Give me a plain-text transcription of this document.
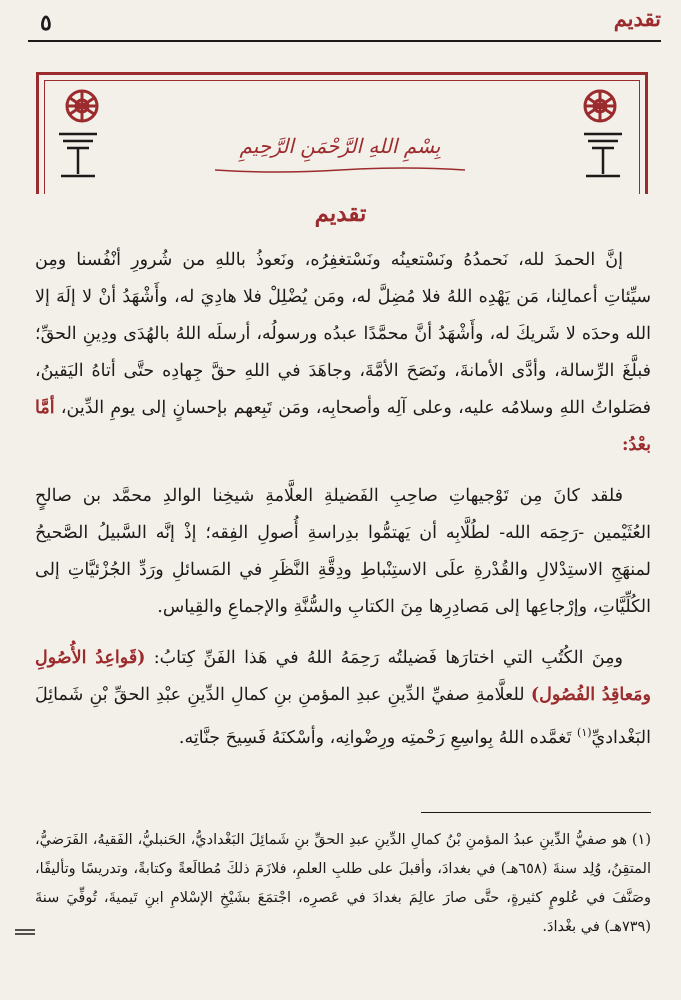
تقديم
٥
بِسْمِ اللهِ الرَّحْمَنِ الرَّحِيمِ
تقديم

إنَّ الحمدَ لله، نَحمدُهُ ونَسْتعينُه ونَسْتغفِرُه، ونَعوذُ باللهِ من شُرورِ أنْفُسنا ومِن سيِّئاتِ أعمالِنا، مَن يَهْدِه اللهُ فلا مُضِلَّ له، ومَن يُضْلِلْ فلا هادِيَ له، وأَشْهَدُ أنْ لا إلَهَ إلا الله وحدَه لا شَريكَ له، وأَشْهَدُ أنَّ محمَّدًا عبدُه ورسولُه، أرسلَه اللهُ بالهُدَى ودِينِ الحقِّ؛ فبلَّغَ الرِّسالة، وأدَّى الأمانةَ، ونَصَحَ الأمَّةَ، وجاهَدَ في اللهِ حقَّ جِهادِه حتَّى أتاهُ اليَقينُ، فصَلواتُ اللهِ وسلامُه عليه، وعلى آلِه وأصحابِه، ومَن تَبِعهم بإحسانٍ إلى يومِ الدِّين، أمَّا بعْدُ:

فلقد كانَ مِن تَوْجيهاتِ صاحِبِ الفَضيلةِ العلَّامةِ شيخِنا الوالدِ محمَّد بن صالحٍ العُثَيْمين -رَحِمَه الله- لطُلَّابِه أن يَهتمُّوا بدِراسةِ أُصولِ الفِقه؛ إذْ إنَّه السَّبيلُ الصَّحيحُ لمنهَجِ الاستِدْلالِ والقُدْرةِ علَى الاستِنْباطِ ودِقَّةِ النَّظَرِ في المَسائلِ ورَدِّ الجُزْئيَّاتِ إلى الكُلِّيَّاتِ، وإرْجاعِها إلى مَصادِرِها مِنَ الكتابِ والسُّنَّةِ والإجماعِ والقِياس.

ومِنَ الكُتُبِ التي اختارَها فَضيلتُه رَحِمَهُ اللهُ في هَذا الفَنِّ كِتابُ: (قَواعِدُ الأُصُولِ ومَعاقِدُ الفُصُول) للعلَّامةِ صفيِّ الدِّينِ عبدِ المؤمنِ بنِ كمالِ الدِّينِ عبْدِ الحقِّ بْنِ شَمائِلَ البَغْداديِّ$^{(١)}$ تَغمَّده اللهُ بِواسِعِ رَحْمتِه ورِضْوانِه، وأسْكنَهُ فَسِيحَ جنَّاتِه.

(١) هو صفيُّ الدِّينِ عبدُ المؤمنِ بْنُ كمالِ الدِّينِ عبدِ الحقِّ بنِ شَمائِلَ البَغْداديُّ، الحَنبليُّ، الفَقيهُ، الفَرَضيُّ، المتقِنُ، وُلِد سنةَ (٦٥٨هـ) في بغدادَ، وأقبلَ على طلبِ العلمِ، فلازَمَ ذلكَ مُطالَعةً وكتابةً، وتدريسًا وتأليفًا، وصَنَّفَ في عُلومٍ كثيرةٍ، حتَّى صارَ عالِمَ بغدادَ في عَصرِه، اجْتمَعَ بشَيْخِ الإسْلامِ ابنِ تَيميةَ، تُوفِّيَ سنةَ (٧٣٩هـ) في بغْدادَ.
